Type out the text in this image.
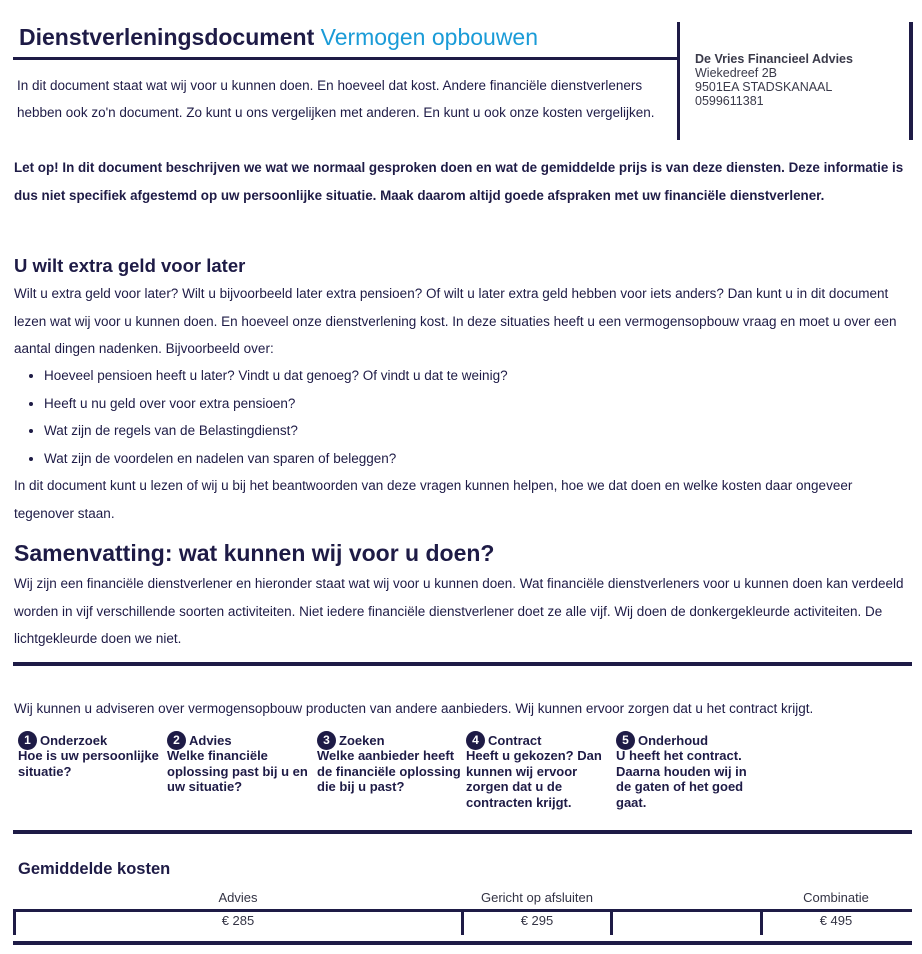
Dienstverleningsdocument Vermogen opbouwen
In dit document staat wat wij voor u kunnen doen. En hoeveel dat kost. Andere financiële dienstverleners hebben ook zo'n document. Zo kunt u ons vergelijken met anderen. En kunt u ook onze kosten vergelijken.
De Vries Financieel Advies
Wiekedreef 2B
9501EA STADSKANAAL
0599611381
Let op! In dit document beschrijven we wat we normaal gesproken doen en wat de gemiddelde prijs is van deze diensten. Deze informatie is dus niet specifiek afgestemd op uw persoonlijke situatie. Maak daarom altijd goede afspraken met uw financiële dienstverlener.
U wilt extra geld voor later
Wilt u extra geld voor later? Wilt u bijvoorbeeld later extra pensioen? Of wilt u later extra geld hebben voor iets anders? Dan kunt u in dit document lezen wat wij voor u kunnen doen. En hoeveel onze dienstverlening kost. In deze situaties heeft u een vermogensopbouw vraag en moet u over een aantal dingen nadenken. Bijvoorbeeld over:
• Hoeveel pensioen heeft u later? Vindt u dat genoeg? Of vindt u dat te weinig?
• Heeft u nu geld over voor extra pensioen?
• Wat zijn de regels van de Belastingdienst?
• Wat zijn de voordelen en nadelen van sparen of beleggen?
In dit document kunt u lezen of wij u bij het beantwoorden van deze vragen kunnen helpen, hoe we dat doen en welke kosten daar ongeveer tegenover staan.
Samenvatting: wat kunnen wij voor u doen?
Wij zijn een financiële dienstverlener en hieronder staat wat wij voor u kunnen doen. Wat financiële dienstverleners voor u kunnen doen kan verdeeld worden in vijf verschillende soorten activiteiten. Niet iedere financiële dienstverlener doet ze alle vijf. Wij doen de donkergekleurde activiteiten. De lichtgekleurde doen we niet.
Wij kunnen u adviseren over vermogensopbouw producten van andere aanbieders. Wij kunnen ervoor zorgen dat u het contract krijgt.
1 Onderzoek
Hoe is uw persoonlijke situatie?
2 Advies
Welke financiële oplossing past bij u en uw situatie?
3 Zoeken
Welke aanbieder heeft de financiële oplossing die bij u past?
4 Contract
Heeft u gekozen? Dan kunnen wij ervoor zorgen dat u de contracten krijgt.
5 Onderhoud
U heeft het contract. Daarna houden wij in de gaten of het goed gaat.
Gemiddelde kosten
Advies	Gericht op afsluiten	Combinatie
€ 285	€ 295	€ 495
